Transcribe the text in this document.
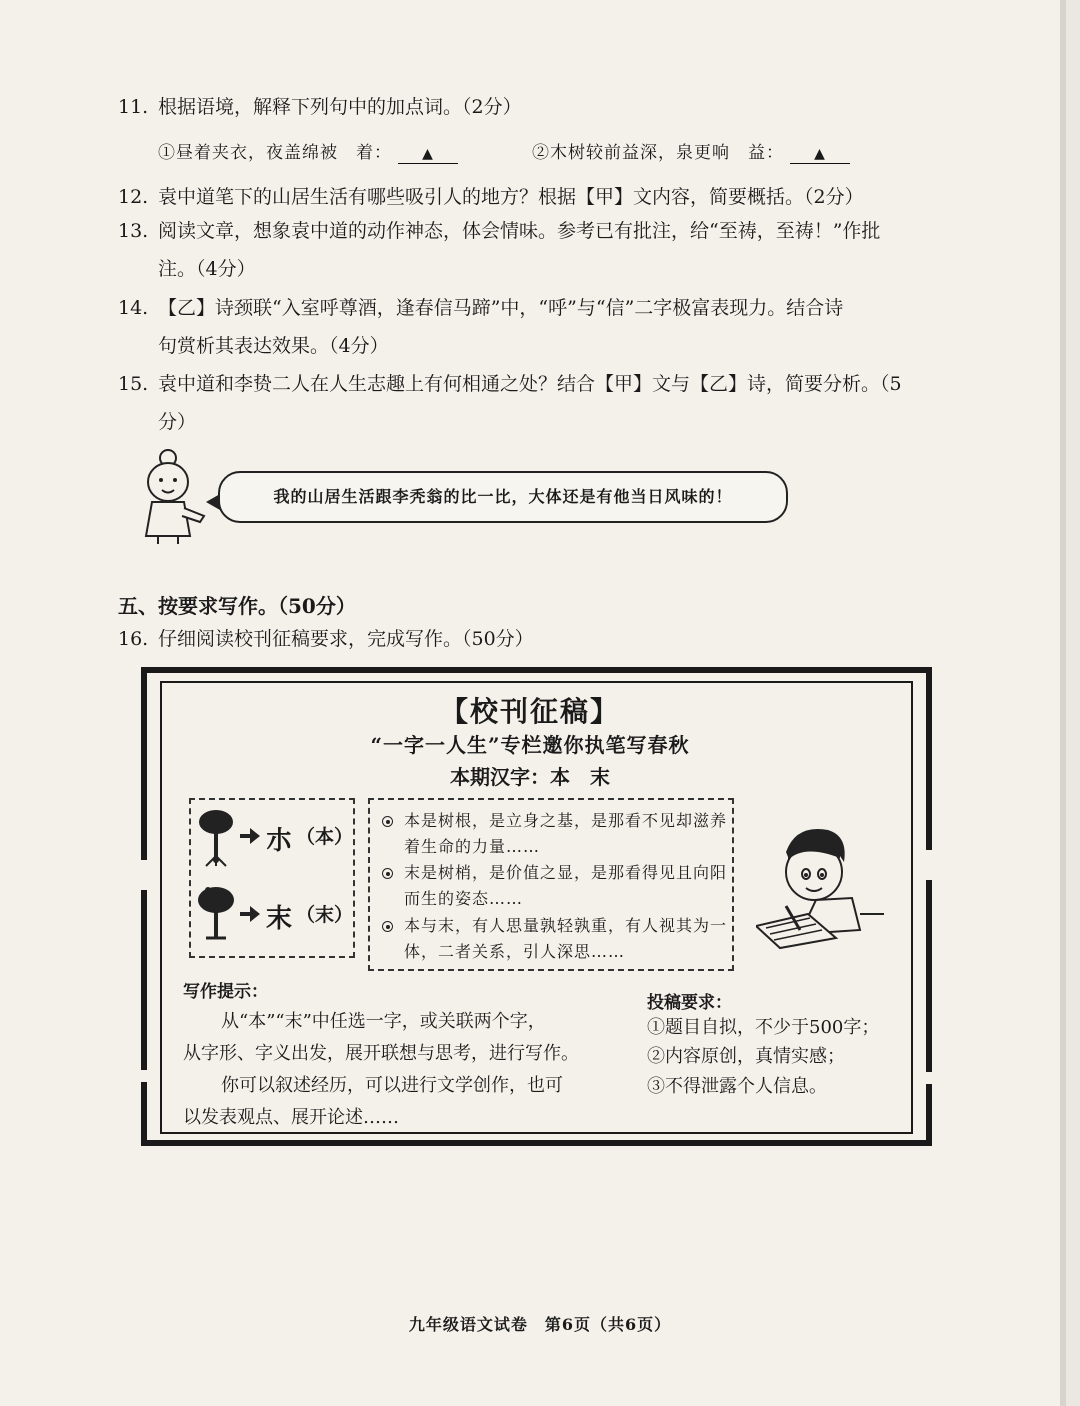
11. 根据语境，解释下列句中的加点词。（2分）
①昼着夹衣，夜盖绵被　着： ▲	②木树较前益深，泉更响　益： ▲
12. 袁中道笔下的山居生活有哪些吸引人的地方？根据【甲】文内容，简要概括。（2分）
13. 阅读文章，想象袁中道的动作神态，体会情味。参考已有批注，给“至祷，至祷！”作批
注。（4分）
14. 【乙】诗颈联“入室呼尊酒，逢春信马蹄”中，“呼”与“信”二字极富表现力。结合诗
句赏析其表达效果。（4分）
15. 袁中道和李贽二人在人生志趣上有何相通之处？结合【甲】文与【乙】诗，简要分析。（5
分）
我的山居生活跟李秃翁的比一比，大体还是有他当日风味的！
五、按要求写作。（50分）
16. 仔细阅读校刊征稿要求，完成写作。（50分）
【校刊征稿】
“一字一人生”专栏邀你执笔写春秋
本期汉字：本　末
朩 （本）
末 （末）
本是树根，是立身之基，是那看不见却滋养着生命的力量……
末是树梢，是价值之显，是那看得见且向阳而生的姿态……
本与末，有人思量孰轻孰重，有人视其为一体，二者关系，引人深思……
写作提示：
从“本”“末”中任选一字，或关联两个字，
从字形、字义出发，展开联想与思考，进行写作。
你可以叙述经历，可以进行文学创作，也可
以发表观点、展开论述……
投稿要求：
①题目自拟，不少于500字；
②内容原创，真情实感；
③不得泄露个人信息。
九年级语文试卷　第6页（共6页）
